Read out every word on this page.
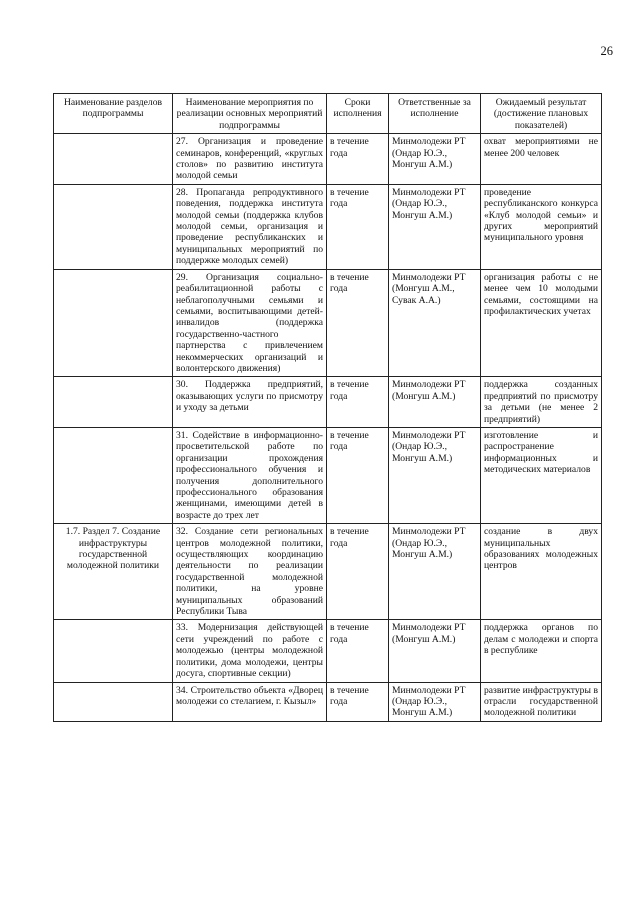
26
Наименование разделов подпрограммы	Наименование мероприятия по реализации основных мероприятий подпрограммы	Сроки исполнения	Ответственные за исполнение	Ожидаемый результат (достижение плановых показателей)
	27. Организация и проведение семинаров, конференций, «круглых столов» по развитию института молодой семьи	в течение года	Минмолодежи РТ (Ондар Ю.Э., Монгуш А.М.)	охват мероприятиями не менее 200 человек
	28. Пропаганда репродуктивного поведения, поддержка института молодой семьи (поддержка клубов молодой семьи, организация и проведение республиканских и муниципальных мероприятий по поддержке молодых семей)	в течение года	Минмолодежи РТ (Ондар Ю.Э., Монгуш А.М.)	проведение республиканского конкурса «Клуб молодой семьи» и других мероприятий муниципального уровня
	29. Организация социально-реабилитационной работы с неблагополучными семьями и семьями, воспитывающими детей-инвалидов (поддержка государственно-частного партнерства с привлечением некоммерческих организаций и волонтерского движения)	в течение года	Минмолодежи РТ (Монгуш А.М., Сувак А.А.)	организация работы с не менее чем 10 молодыми семьями, состоящими на профилактических учетах
	30. Поддержка предприятий, оказывающих услуги по присмотру и уходу за детьми	в течение года	Минмолодежи РТ (Монгуш А.М.)	поддержка созданных предприятий по присмотру за детьми (не менее 2 предприятий)
	31. Содействие в информационно-просветительской работе по организации прохождения профессионального обучения и получения дополнительного профессионального образования женщинами, имеющими детей в возрасте до трех лет	в течение года	Минмолодежи РТ (Ондар Ю.Э., Монгуш А.М.)	изготовление и распространение информационных и методических материалов
1.7. Раздел 7. Создание инфраструктуры государственной молодежной политики	32. Создание сети региональных центров молодежной политики, осуществляющих координацию деятельности по реализации государственной молодежной политики, на уровне муниципальных образований Республики Тыва	в течение года	Минмолодежи РТ (Ондар Ю.Э., Монгуш А.М.)	создание в двух муниципальных образованиях молодежных центров
	33. Модернизация действующей сети учреждений по работе с молодежью (центры молодежной политики, дома молодежи, центры досуга, спортивные секции)	в течение года	Минмолодежи РТ (Монгуш А.М.)	поддержка органов по делам с молодежи и спорта в республике
	34. Строительство объекта «Дворец молодежи со стелarием, г. Кызыл»	в течение года	Минмолодежи РТ (Ондар Ю.Э., Монгуш А.М.)	развитие инфраструктуры в отрасли государственной молодежной политики
